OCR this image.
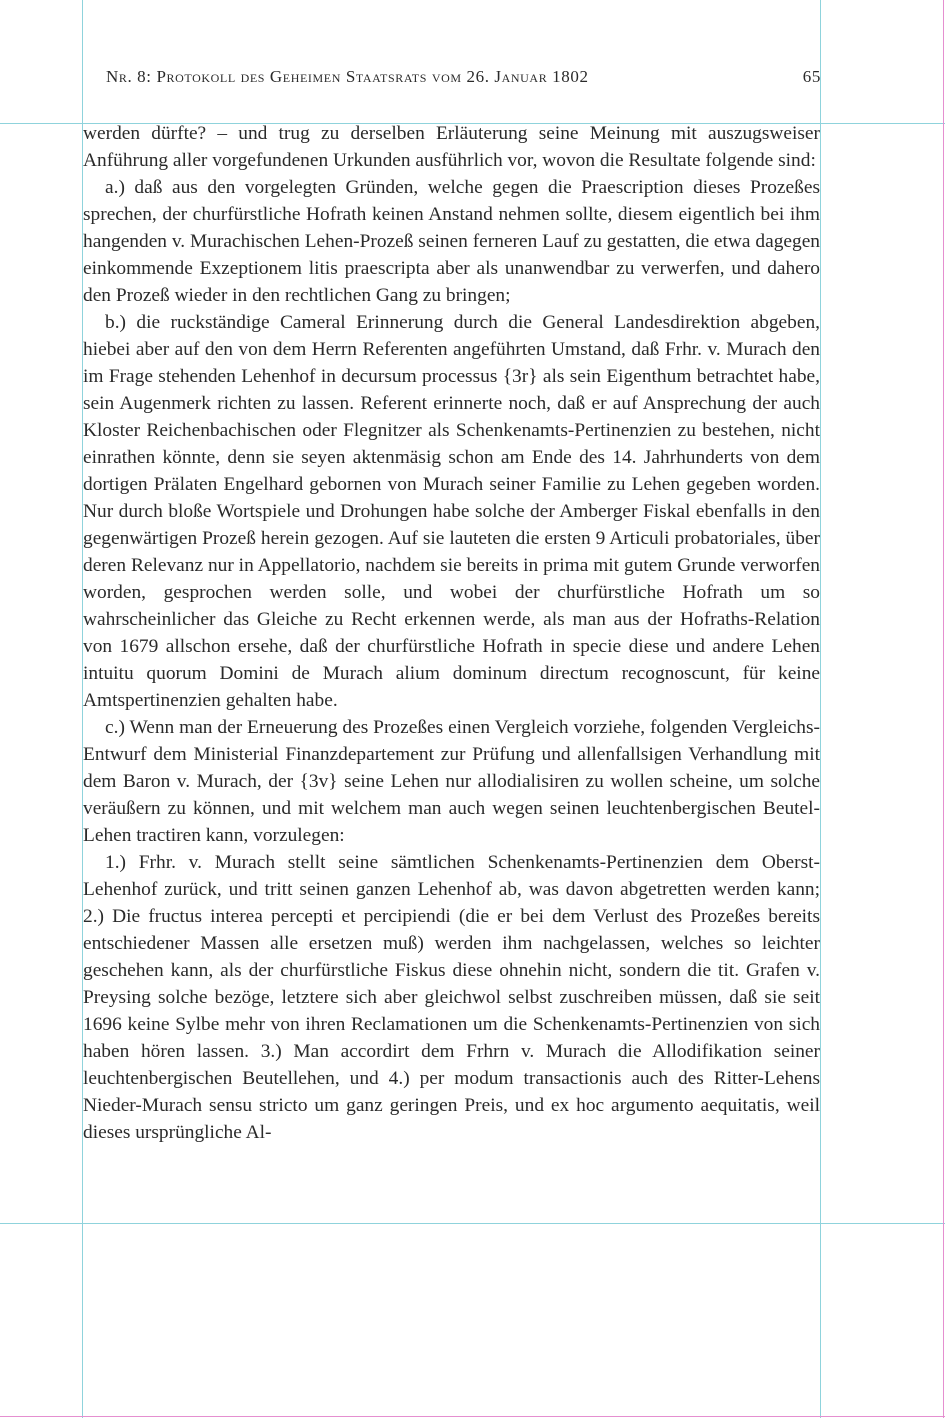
Nr. 8: Protokoll des Geheimen Staatsrats vom 26. Januar 1802	65

werden dürfte? – und trug zu derselben Erläuterung seine Meinung mit auszugsweiser Anführung aller vorgefundenen Urkunden ausführlich vor, wovon die Resultate folgende sind:

a.) daß aus den vorgelegten Gründen, welche gegen die Praescription dieses Prozeßes sprechen, der churfürstliche Hofrath keinen Anstand nehmen sollte, diesem eigentlich bei ihm hangenden v. Murachischen Lehen-Prozeß seinen ferneren Lauf zu gestatten, die etwa dagegen einkommende Exzeptionem litis praescripta aber als unanwendbar zu verwerfen, und dahero den Prozeß wieder in den rechtlichen Gang zu bringen;

b.) die ruckständige Cameral Erinnerung durch die General Landesdirektion abgeben, hiebei aber auf den von dem Herrn Referenten angeführten Umstand, daß Frhr. v. Murach den im Frage stehenden Lehenhof in decursum processus {3r} als sein Eigenthum betrachtet habe, sein Augenmerk richten zu lassen. Referent erinnerte noch, daß er auf Ansprechung der auch Kloster Reichenbachischen oder Flegnitzer als Schenkenamts-Pertinenzien zu bestehen, nicht einrathen könnte, denn sie seyen aktenmäsig schon am Ende des 14. Jahrhunderts von dem dortigen Prälaten Engelhard gebornen von Murach seiner Familie zu Lehen gegeben worden. Nur durch bloße Wortspiele und Drohungen habe solche der Amberger Fiskal ebenfalls in den gegenwärtigen Prozeß herein gezogen. Auf sie lauteten die ersten 9 Articuli probatoriales, über deren Relevanz nur in Appellatorio, nachdem sie bereits in prima mit gutem Grunde verworfen worden, gesprochen werden solle, und wobei der churfürstliche Hofrath um so wahrscheinlicher das Gleiche zu Recht erkennen werde, als man aus der Hofraths-Relation von 1679 allschon ersehe, daß der churfürstliche Hofrath in specie diese und andere Lehen intuitu quorum Domini de Murach alium dominum directum recognoscunt, für keine Amtspertinenzien gehalten habe.

c.) Wenn man der Erneuerung des Prozeßes einen Vergleich vorziehe, folgenden Vergleichs-Entwurf dem Ministerial Finanzdepartement zur Prüfung und allenfallsigen Verhandlung mit dem Baron v. Murach, der {3v} seine Lehen nur allodialisiren zu wollen scheine, um solche veräußern zu können, und mit welchem man auch wegen seinen leuchtenbergischen Beutel-Lehen tractiren kann, vorzulegen:

1.) Frhr. v. Murach stellt seine sämtlichen Schenkenamts-Pertinenzien dem Oberst-Lehenhof zurück, und tritt seinen ganzen Lehenhof ab, was davon abgetretten werden kann; 2.) Die fructus interea percepti et percipiendi (die er bei dem Verlust des Prozeßes bereits entschiedener Massen alle ersetzen muß) werden ihm nachgelassen, welches so leichter geschehen kann, als der churfürstliche Fiskus diese ohnehin nicht, sondern die tit. Grafen v. Preysing solche bezöge, letztere sich aber gleichwol selbst zuschreiben müssen, daß sie seit 1696 keine Sylbe mehr von ihren Reclamationen um die Schenkenamts-Pertinenzien von sich haben hören lassen. 3.) Man accordirt dem Frhrn v. Murach die Allodifikation seiner leuchtenbergischen Beutellehen, und 4.) per modum transactionis auch des Ritter-Lehens Nieder-Murach sensu stricto um ganz geringen Preis, und ex hoc argumento aequitatis, weil dieses ursprüngliche Al-
